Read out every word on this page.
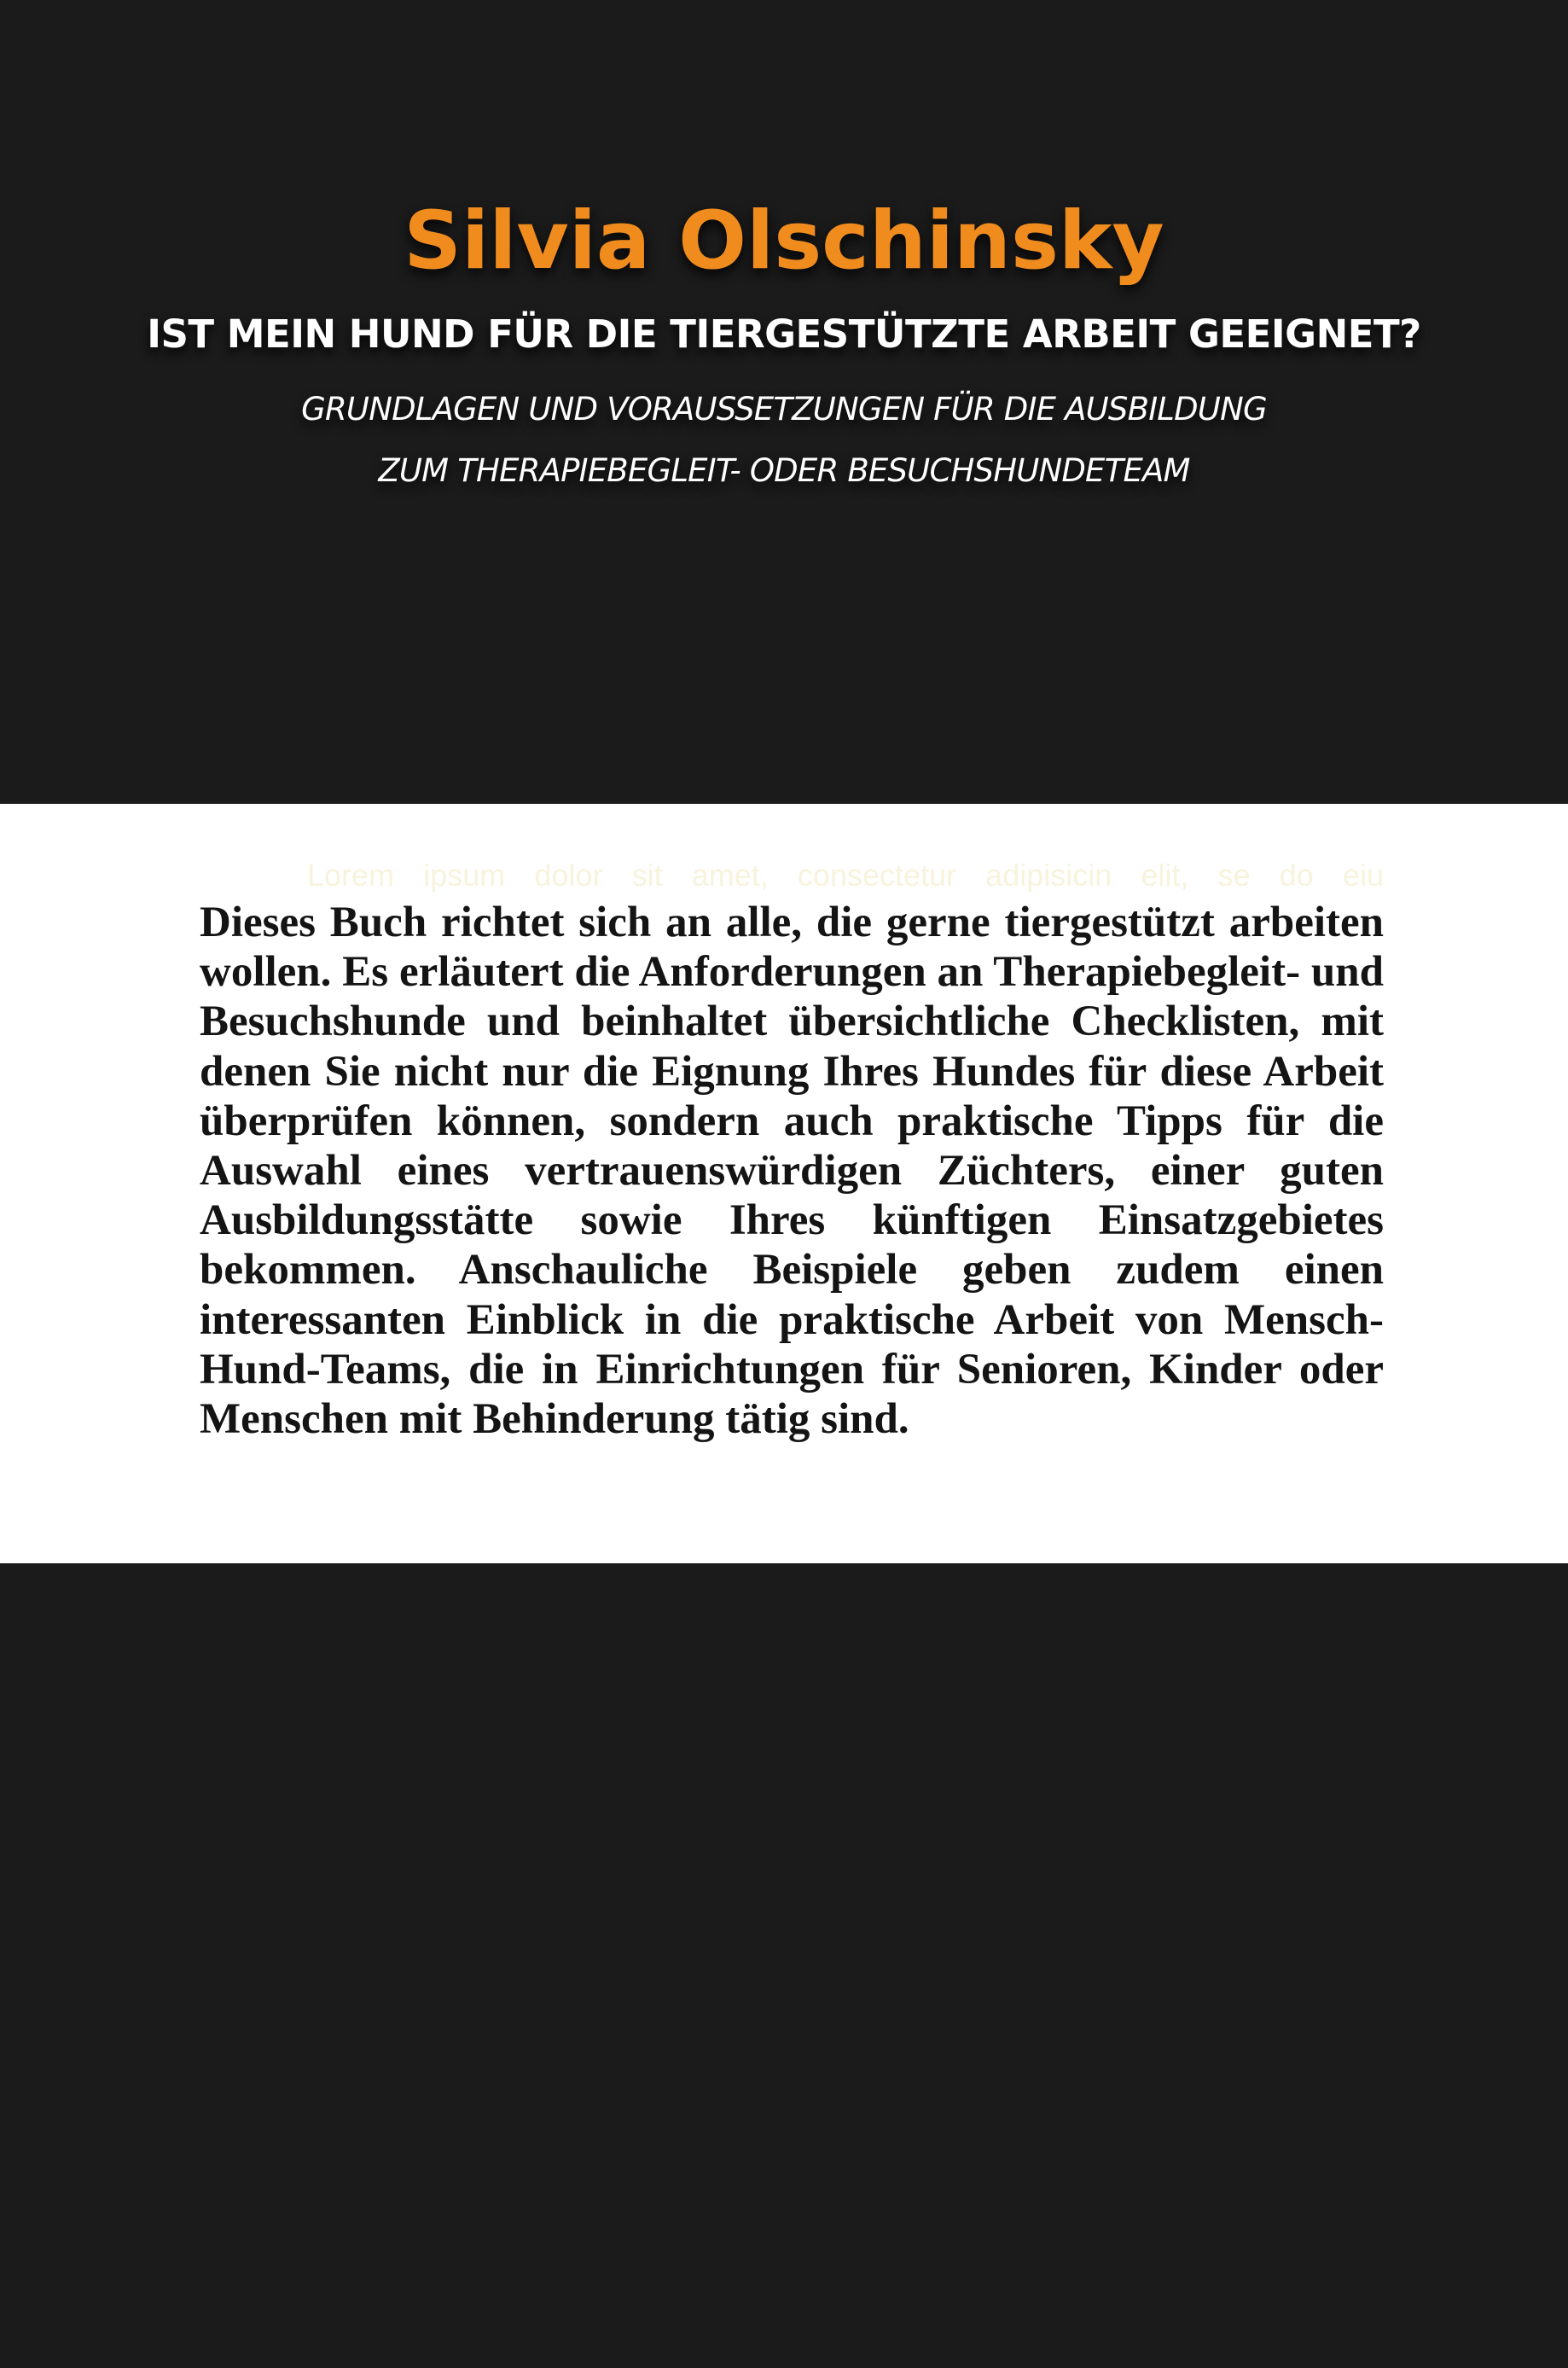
Silvia Olschinsky
IST MEIN HUND FÜR DIE TIERGESTÜTZTE ARBEIT GEEIGNET?
GRUNDLAGEN UND VORAUSSETZUNGEN FÜR DIE AUSBILDUNG
ZUM THERAPIEBEGLEIT- ODER BESUCHSHUNDETEAM

Lorem ipsum dolor sit amet, consectetur adipisicin elit, se do eiu

Dieses Buch richtet sich an alle, die gerne tiergestützt arbeiten wollen. Es erläutert die Anforderungen an Therapiebegleit- und Besuchshunde und beinhaltet übersichtliche Checklisten, mit denen Sie nicht nur die Eignung Ihres Hundes für diese Arbeit überprüfen können, sondern auch praktische Tipps für die Auswahl eines vertrauenswürdigen Züchters, einer guten Ausbildungsstätte sowie Ihres künftigen Einsatzgebietes bekommen. Anschauliche Beispiele geben zudem einen interessanten Einblick in die praktische Arbeit von Mensch-Hund-Teams, die in Einrichtungen für Senioren, Kinder oder Menschen mit Behinderung tätig sind.
